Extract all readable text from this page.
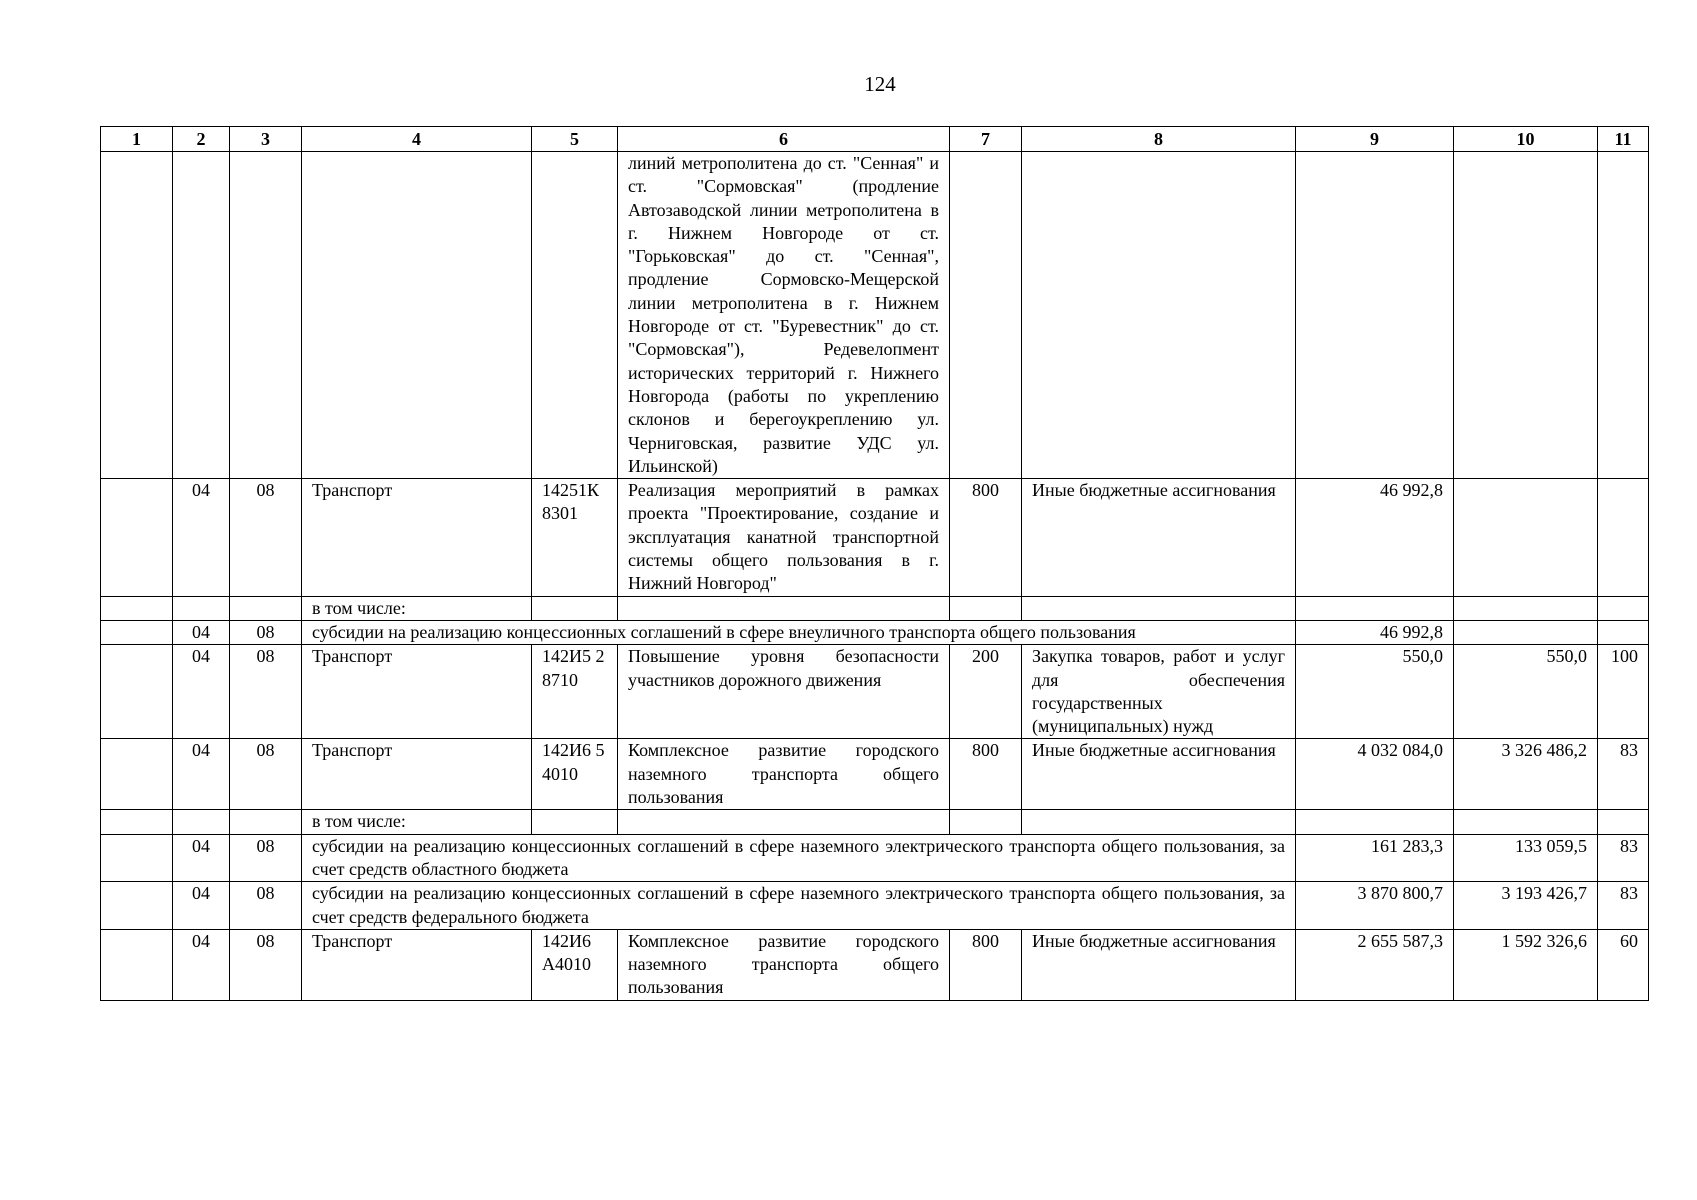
124
1	2	3	4	5	6	7	8	9	10	11
					линий метрополитена до ст. "Сенная" и ст. "Сормовская" (продление Автозаводской линии метрополитена в г. Нижнем Новгороде от ст. "Горьковская" до ст. "Сенная", продление Сормовско-Мещерской линии метрополитена в г. Нижнем Новгороде от ст. "Буревестник" до ст. "Сормовская"), Редевелопмент исторических территорий г. Нижнего Новгорода (работы по укреплению склонов и берегоукреплению ул. Черниговская, развитие УДС ул. Ильинской)					
	04	08	Транспорт	14251К 8301	Реализация мероприятий в рамках проекта "Проектирование, создание и эксплуатация канатной транспортной системы общего пользования в г. Нижний Новгород"	800	Иные бюджетные ассигнования	46 992,8		
			в том числе:							
	04	08	субсидии на реализацию концессионных соглашений в сфере внеуличного транспорта общего пользования					46 992,8		
	04	08	Транспорт	142И5 28710	Повышение уровня безопасности участников дорожного движения	200	Закупка товаров, работ и услуг для обеспечения государственных (муниципальных) нужд	550,0	550,0	100
	04	08	Транспорт	142И6 54010	Комплексное развитие городского наземного транспорта общего пользования	800	Иные бюджетные ассигнования	4 032 084,0	3 326 486,2	83
			в том числе:							
	04	08	субсидии на реализацию концессионных соглашений в сфере наземного электрического транспорта общего пользования, за счет средств областного бюджета					161 283,3	133 059,5	83
	04	08	субсидии на реализацию концессионных соглашений в сфере наземного электрического транспорта общего пользования, за счет средств федерального бюджета					3 870 800,7	3 193 426,7	83
	04	08	Транспорт	142И6 А4010	Комплексное развитие городского наземного транспорта общего пользования	800	Иные бюджетные ассигнования	2 655 587,3	1 592 326,6	60
